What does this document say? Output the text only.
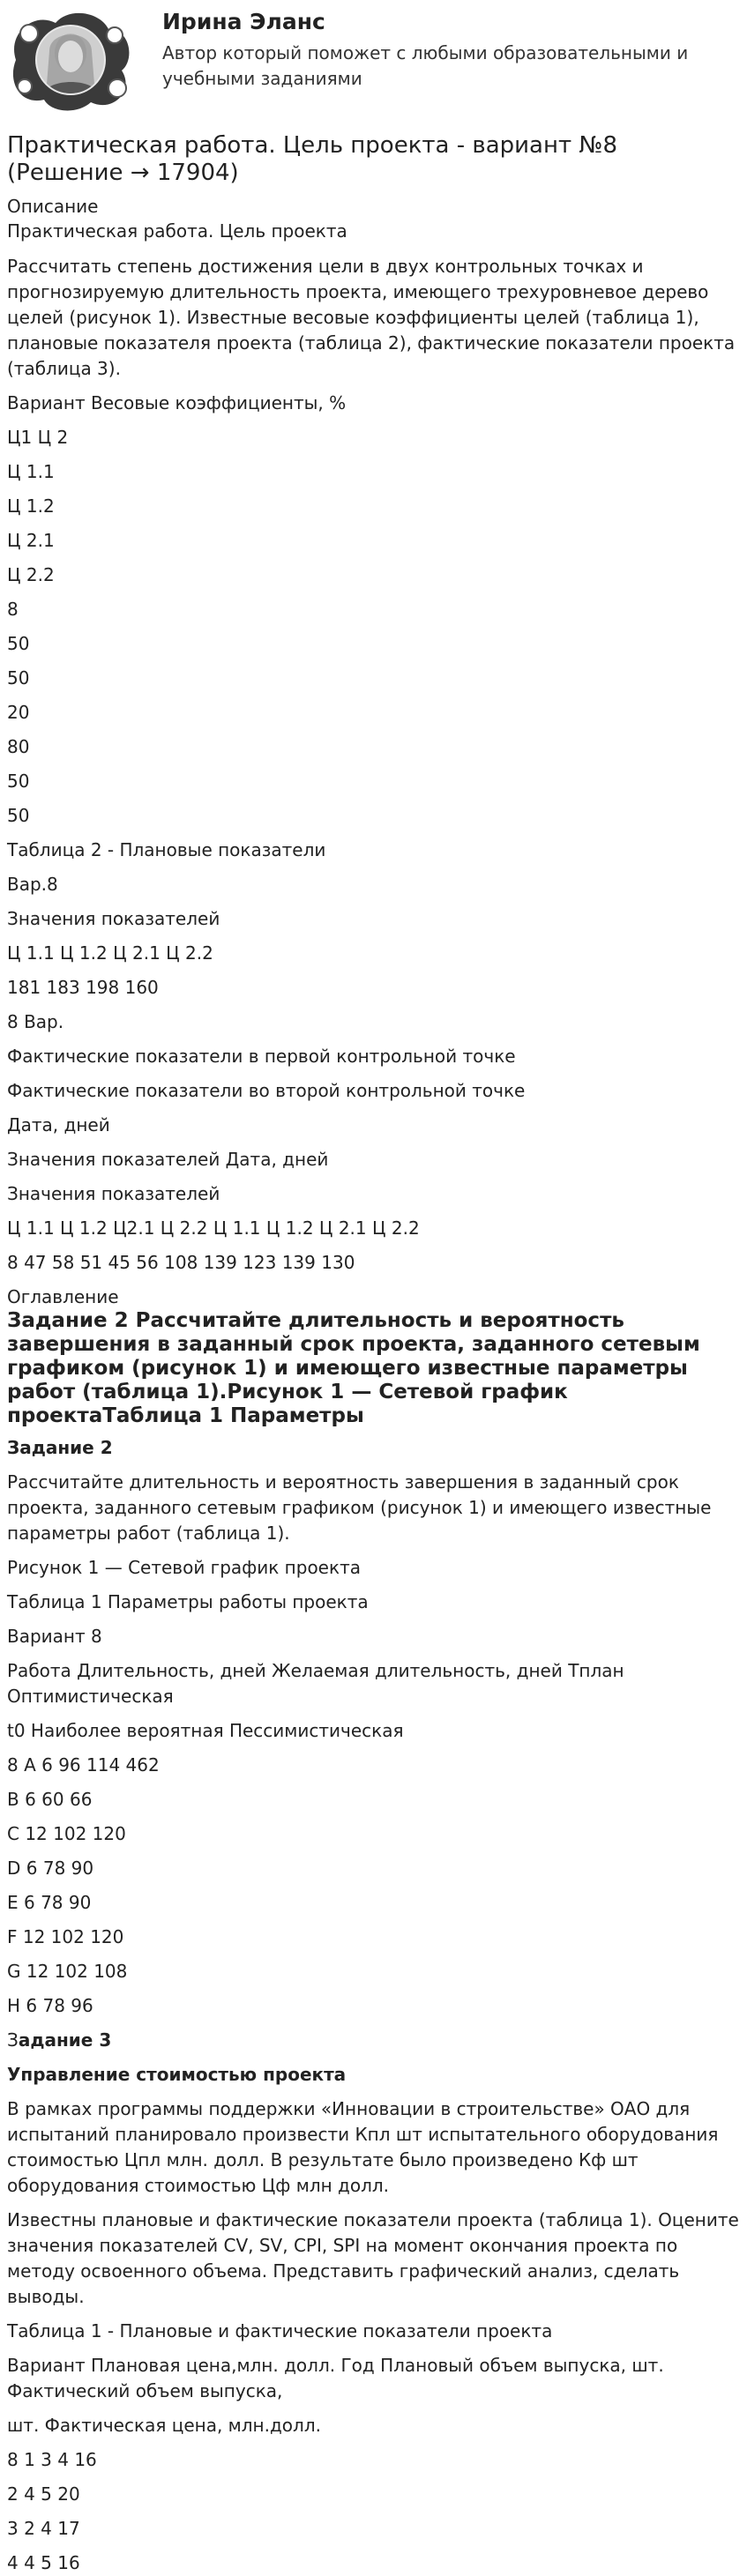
Ирина Эланс
Автор который поможет с любыми образовательными и учебными заданиями
Практическая работа. Цель проекта - вариант №8 (Решение → 17904)
Описание
Практическая работа. Цель проекта

Рассчитать степень достижения цели в двух контрольных точках и прогнозируемую длительность проекта, имеющего трехуровневое дерево целей (рисунок 1). Известные весовые коэффициенты целей (таблица 1), плановые показателя проекта (таблица 2), фактические показатели проекта (таблица 3).

Вариант Весовые коэффициенты, %

Ц1 Ц 2

Ц 1.1

Ц 1.2

Ц 2.1

Ц 2.2

8

50

50

20

80

50

50

Таблица 2 - Плановые показатели

Вар.8

Значения показателей

Ц 1.1 Ц 1.2 Ц 2.1 Ц 2.2

181 183 198 160

8 Вар.

Фактические показатели в первой контрольной точке

Фактические показатели во второй контрольной точке

Дата, дней

Значения показателей Дата, дней

Значения показателей

Ц 1.1 Ц 1.2 Ц2.1 Ц 2.2 Ц 1.1 Ц 1.2 Ц 2.1 Ц 2.2

8 47 58 51 45 56 108 139 123 139 130

Оглавление
Задание 2 Рассчитайте длительность и вероятность завершения в заданный срок проекта, заданного сетевым графиком (рисунок 1) и имеющего известные параметры работ (таблица 1).Рисунок 1 — Сетевой график проектаТаблица 1 Параметры

Задание 2

Рассчитайте длительность и вероятность завершения в заданный срок проекта, заданного сетевым графиком (рисунок 1) и имеющего известные параметры работ (таблица 1).

Рисунок 1 — Сетевой график проекта

Таблица 1 Параметры работы проекта

Вариант 8

Работа Длительность, дней Желаемая длительность, дней Тплан Оптимистическая

t0 Наиболее вероятная Пессимистическая

8 A 6 96 114 462

B 6 60 66

C 12 102 120

D 6 78 90

E 6 78 90

F 12 102 120

G 12 102 108

H 6 78 96

Задание 3

Управление стоимостью проекта

В рамках программы поддержки «Инновации в строительстве» ОАО для испытаний планировало произвести Кпл шт испытательного оборудования стоимостью Цпл млн. долл. В результате было произведено Кф шт оборудования стоимостью Цф млн долл.

Известны плановые и фактические показатели проекта (таблица 1). Оцените значения показателей CV, SV, CPI, SPI на момент окончания проекта по методу освоенного объема. Представить графический анализ, сделать выводы.

Таблица 1 - Плановые и фактические показатели проекта

Вариант Плановая цена,млн. долл. Год Плановый объем выпуска, шт. Фактический объем выпуска,

шт. Фактическая цена, млн.долл.

8 1 3 4 16

2 4 5 20

3 2 4 17

4 4 5 16
